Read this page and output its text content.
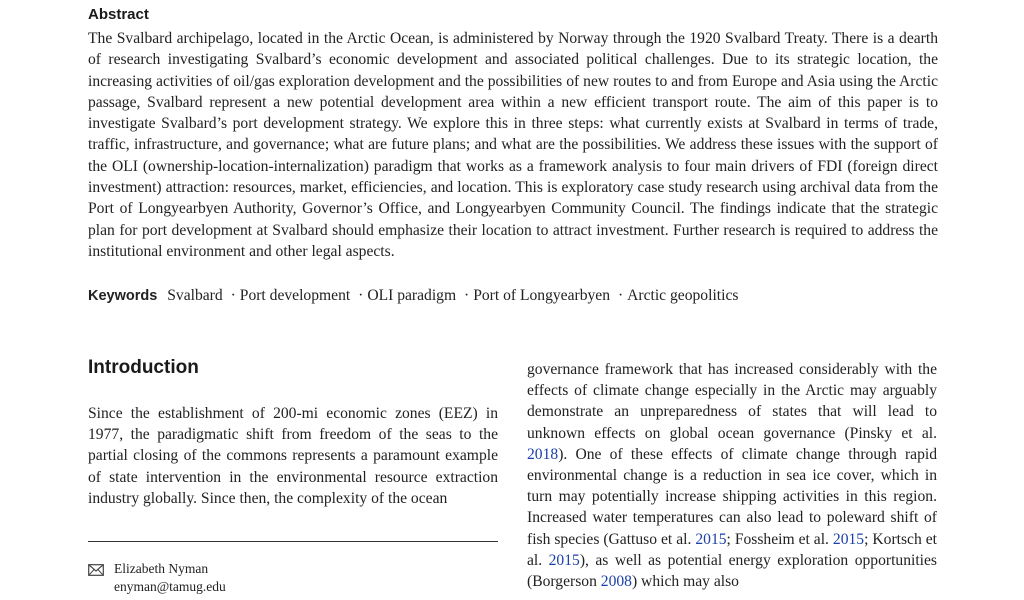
Abstract

The Svalbard archipelago, located in the Arctic Ocean, is administered by Norway through the 1920 Svalbard Treaty. There is a dearth of research investigating Svalbard’s economic development and associated political challenges. Due to its strategic location, the increasing activities of oil/gas exploration development and the possibilities of new routes to and from Europe and Asia using the Arctic passage, Svalbard represent a new potential development area within a new efficient transport route. The aim of this paper is to investigate Svalbard’s port development strategy. We explore this in three steps: what currently exists at Svalbard in terms of trade, traffic, infrastructure, and governance; what are future plans; and what are the possibilities. We address these issues with the support of the OLI (ownership-location-internalization) paradigm that works as a framework analysis to four main drivers of FDI (foreign direct investment) attraction: resources, market, efficiencies, and location. This is exploratory case study research using archival data from the Port of Longyearbyen Authority, Governor’s Office, and Longyearbyen Community Council. The findings indicate that the strategic plan for port development at Svalbard should emphasize their location to attract investment. Further research is required to address the institutional environment and other legal aspects.

Keywords Svalbard · Port development · OLI paradigm · Port of Longyearbyen · Arctic geopolitics
Introduction

Since the establishment of 200-mi economic zones (EEZ) in 1977, the paradigmatic shift from freedom of the seas to the partial closing of the commons represents a paramount example of state intervention in the environmental resource extraction industry globally. Since then, the complexity of the ocean

Elizabeth Nyman
enyman@tamug.edu

governance framework that has increased considerably with the effects of climate change especially in the Arctic may arguably demonstrate an unpreparedness of states that will lead to unknown effects on global ocean governance (Pinsky et al. 2018). One of these effects of climate change through rapid environmental change is a reduction in sea ice cover, which in turn may potentially increase shipping activities in this region. Increased water temperatures can also lead to poleward shift of fish species (Gattuso et al. 2015; Fossheim et al. 2015; Kortsch et al. 2015), as well as potential energy exploration opportunities (Borgerson 2008) which may also
